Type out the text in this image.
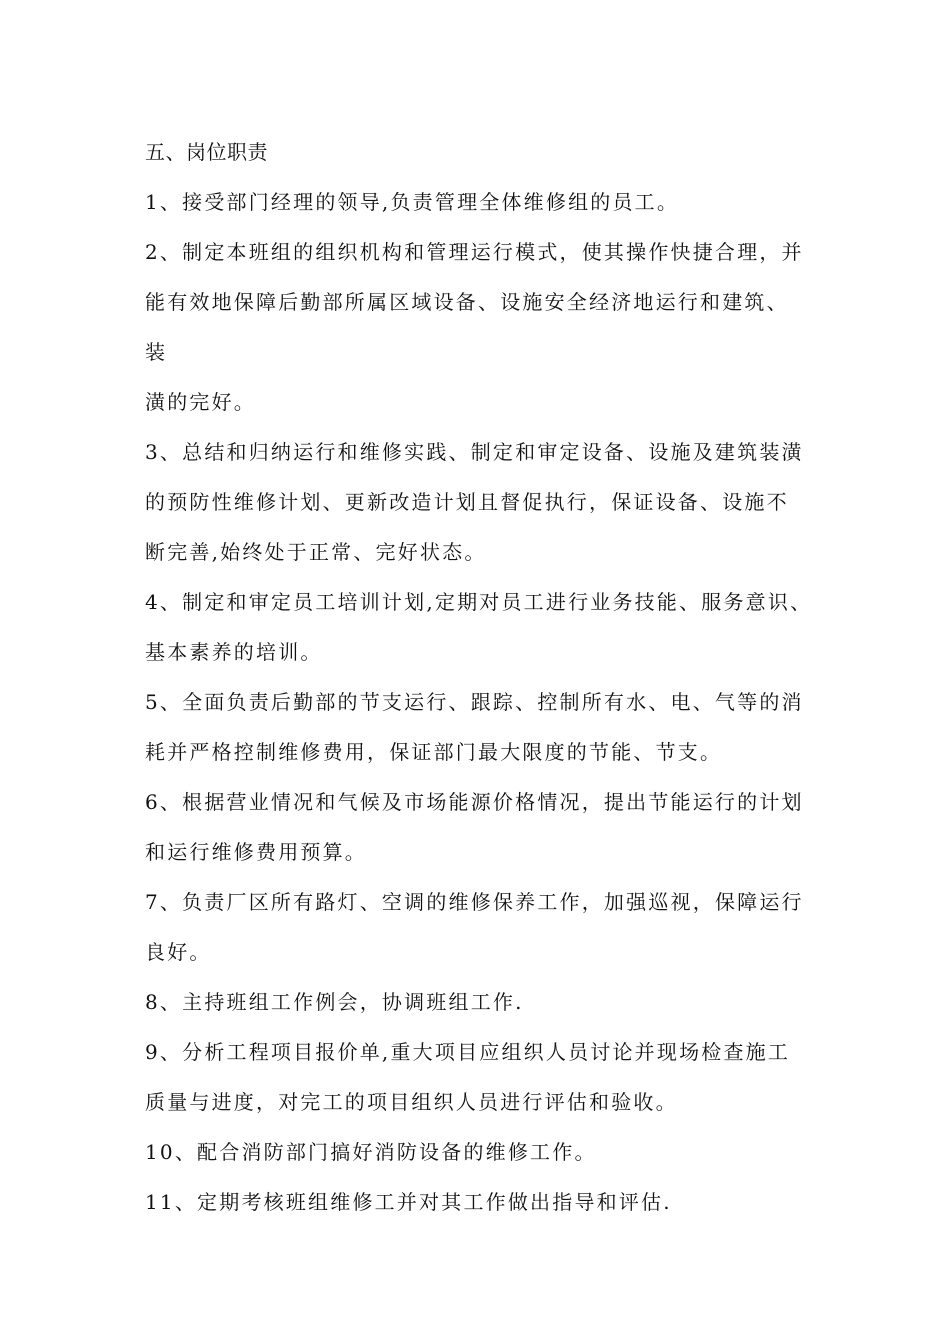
五、岗位职责
1、接受部门经理的领导,负责管理全体维修组的员工。
2、制定本班组的组织机构和管理运行模式，使其操作快捷合理，并
能有效地保障后勤部所属区域设备、设施安全经济地运行和建筑、
装
潢的完好。
3、总结和归纳运行和维修实践、制定和审定设备、设施及建筑装潢
的预防性维修计划、更新改造计划且督促执行，保证设备、设施不
断完善,始终处于正常、完好状态。
4、制定和审定员工培训计划,定期对员工进行业务技能、服务意识、
基本素养的培训。
5、全面负责后勤部的节支运行、跟踪、控制所有水、电、气等的消
耗并严格控制维修费用，保证部门最大限度的节能、节支。
6、根据营业情况和气候及市场能源价格情况，提出节能运行的计划
和运行维修费用预算。
7、负责厂区所有路灯、空调的维修保养工作，加强巡视，保障运行
良好。
8、主持班组工作例会，协调班组工作.
9、分析工程项目报价单,重大项目应组织人员讨论并现场检查施工
质量与进度，对完工的项目组织人员进行评估和验收。
10、配合消防部门搞好消防设备的维修工作。
11、定期考核班组维修工并对其工作做出指导和评估.
